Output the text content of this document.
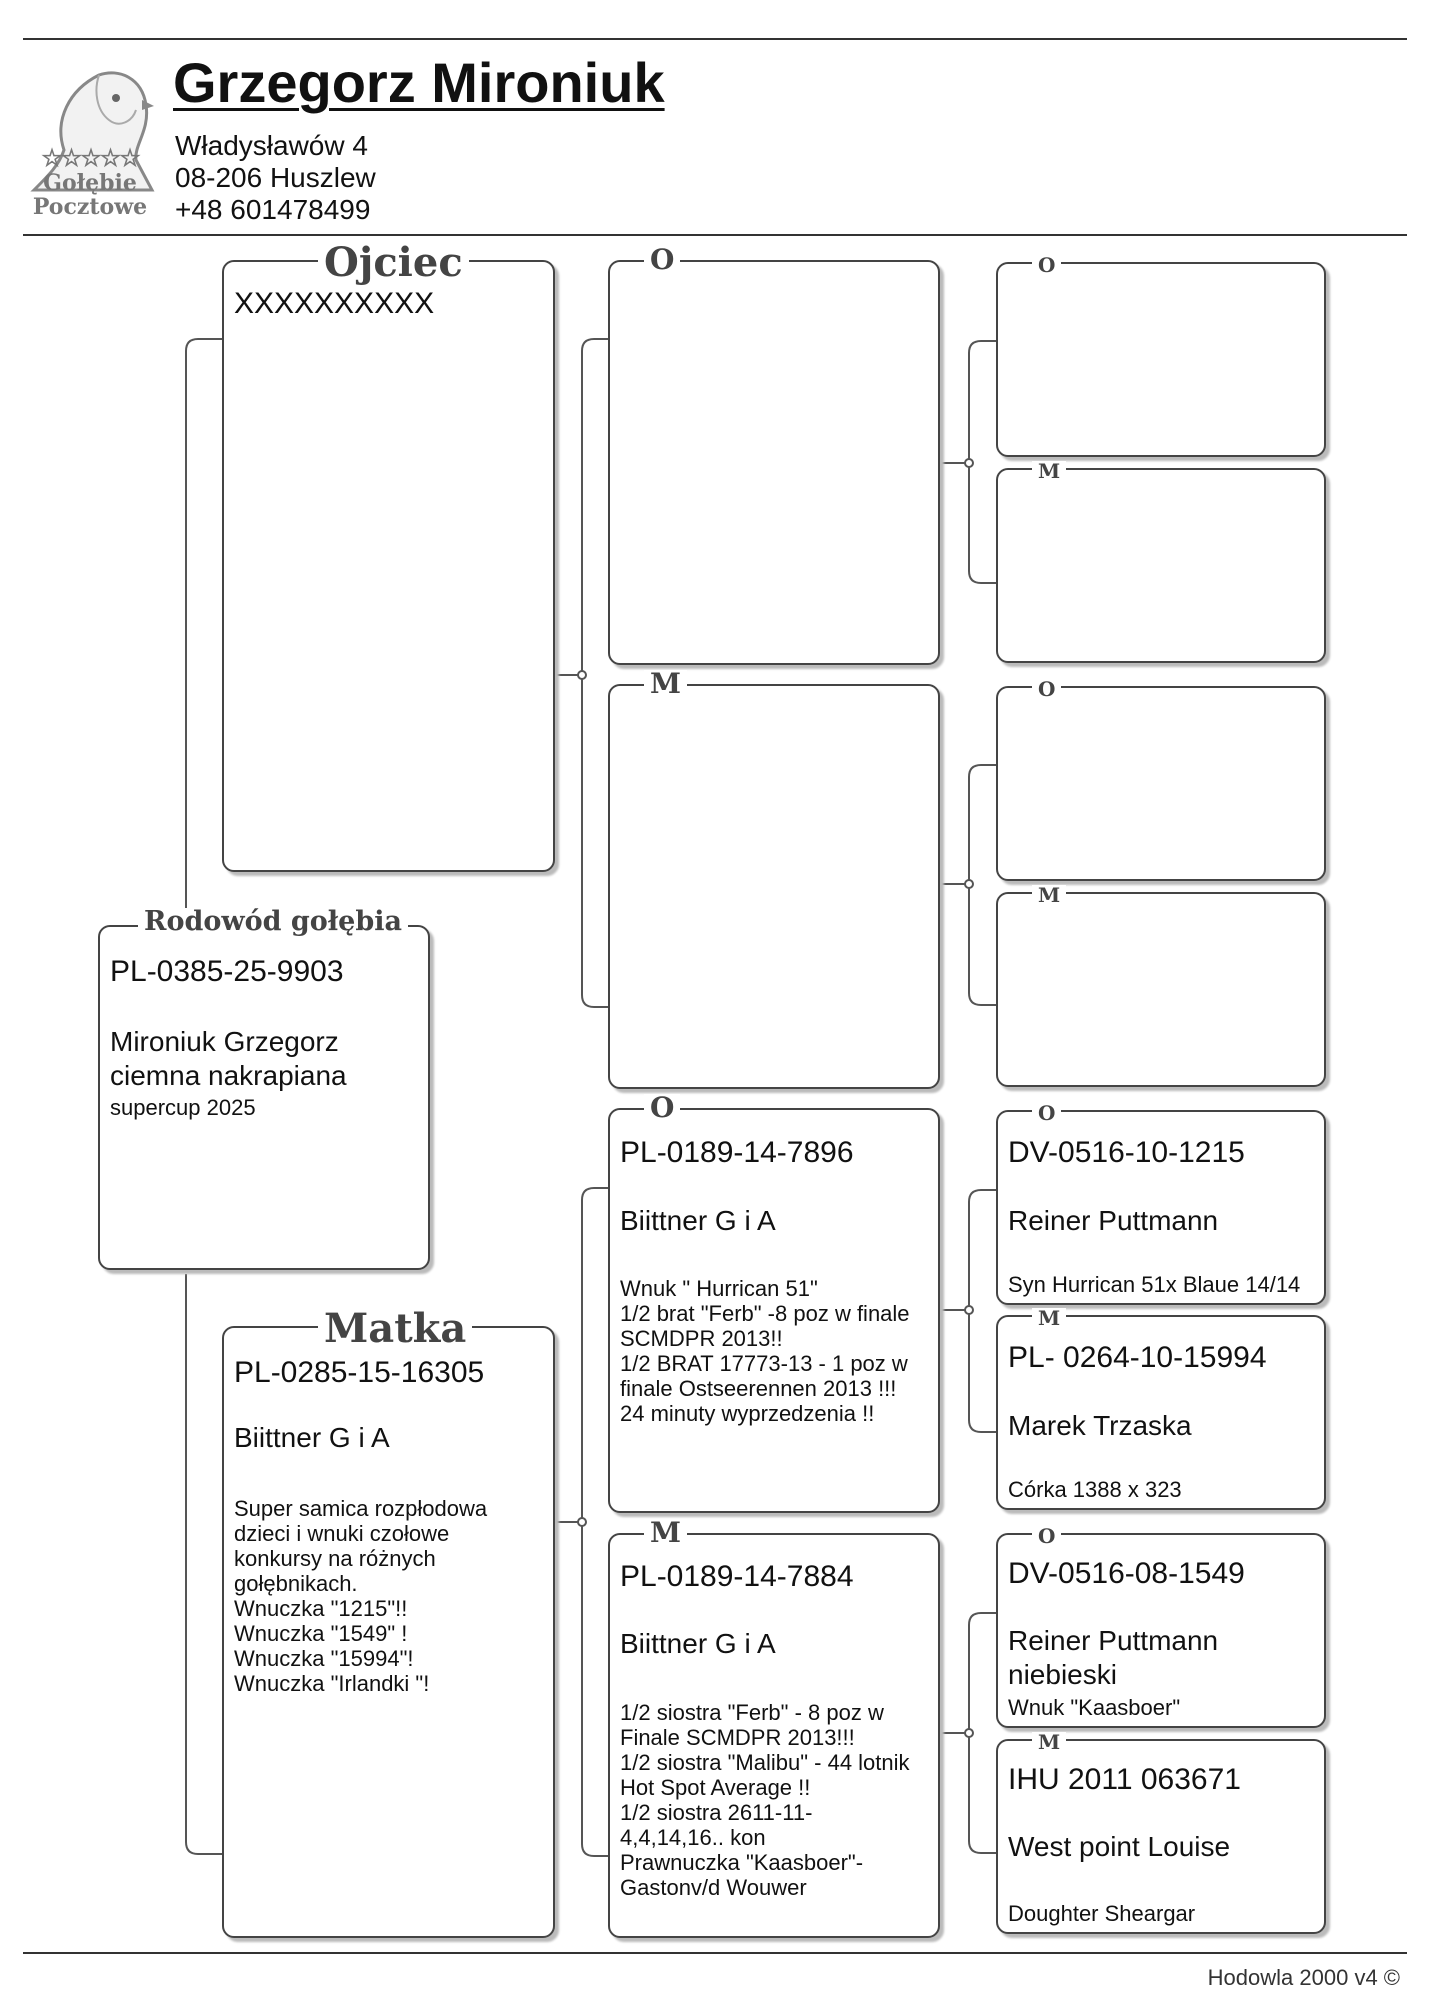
☆☆☆☆☆
Gołębie
Pocztowe
Grzegorz Mironiuk
Władysławów 4
08-206 Huszlew
+48 601478499
PL-0385-25-9903
Mironiuk Grzegorz
ciemna nakrapiana
supercup 2025
Rodowód gołębia
XXXXXXXXXX
Ojciec
PL-0285-15-16305
Biittner G i A
Super samica rozpłodowa
dzieci i wnuki czołowe
konkursy na różnych
gołębnikach.
Wnuczka "1215"!!
Wnuczka "1549" !
Wnuczka "15994"!
Wnuczka "Irlandki "!
Matka
O
M
PL-0189-14-7896
Biittner G i A
Wnuk " Hurrican 51"
1/2 brat "Ferb" -8 poz w finale
SCMDPR 2013!!
1/2 BRAT 17773-13 - 1 poz w
finale Ostseerennen 2013 !!!
24 minuty wyprzedzenia !!
O
PL-0189-14-7884
Biittner G i A
1/2 siostra "Ferb" - 8 poz w
Finale SCMDPR 2013!!!
1/2 siostra "Malibu" - 44 lotnik
Hot Spot Average !!
1/2 siostra 2611-11-
4,4,14,16.. kon
Prawnuczka "Kaasboer"-
Gastonv/d Wouwer
M
O
M
O
M
DV-0516-10-1215
Reiner Puttmann
Syn Hurrican 51x Blaue 14/14
O
PL- 0264-10-15994
Marek Trzaska
Córka 1388 x 323
M
DV-0516-08-1549
Reiner Puttmann
niebieski
Wnuk "Kaasboer"
O
IHU 2011 063671
West point Louise
Doughter Sheargar
M
Hodowla 2000 v4 ©
